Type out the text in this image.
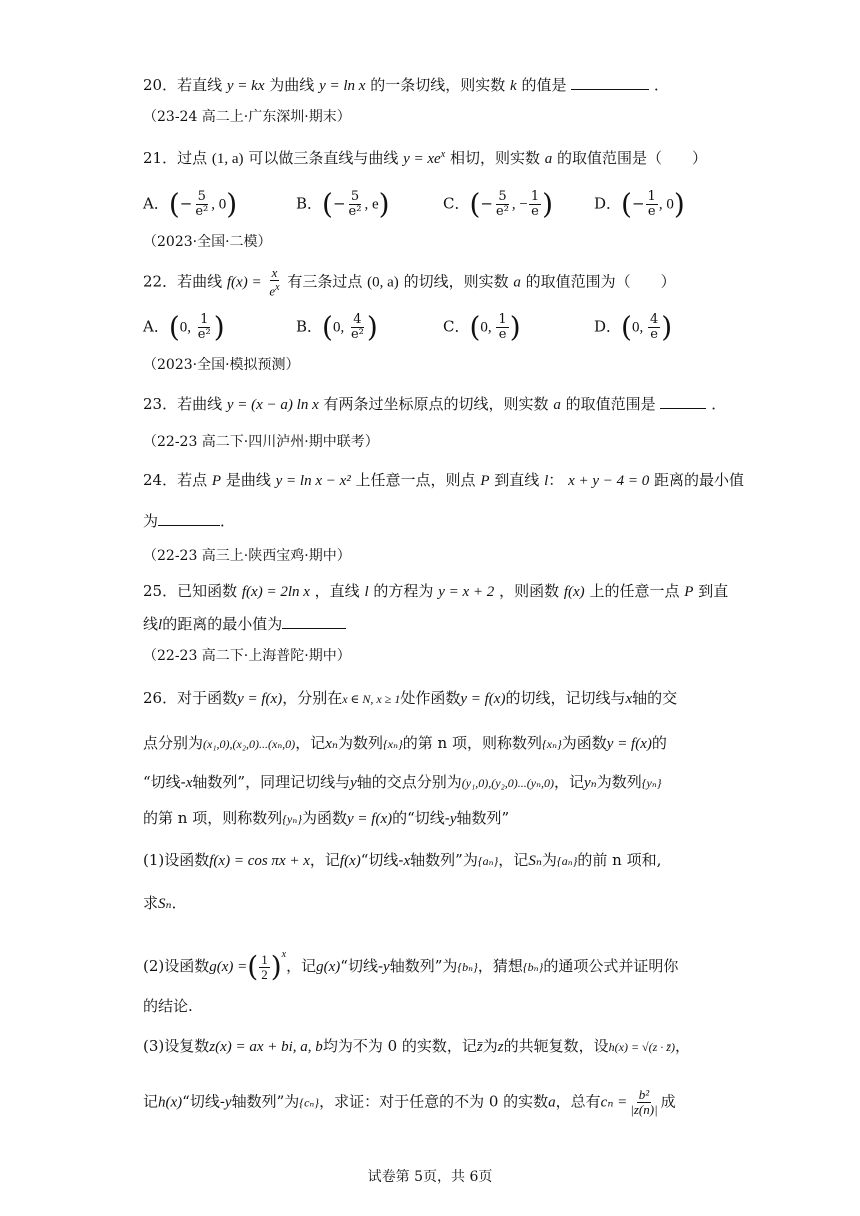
20．若直线 y = kx 为曲线 y = ln x 的一条切线，则实数 k 的值是	．
（23-24 高二上·广东深圳·期末）
21．过点 (1, a) 可以做三条直线与曲线 $y = xe^x$ 相切，则实数 a 的取值范围是（　　）
A．(− $\frac{5}{\text{e²}}$ , 0)	B．(− $\frac{5}{\text{e²}}$ , e)	C．(− $\frac{5}{\text{e²}}$ , − $\frac{1}{e}$ )	D．(− $\frac{1}{e}$ , 0)
（2023·全国·二模）
22．若曲线 $f(x) = \frac{x}{e^x}$ 有三条过点 (0, a) 的切线，则实数 a 的取值范围为（　　）
A．(0, $\frac{1}{\text{e²}}$ )	B．(0, $\frac{4}{\text{e²}}$ )	C．(0, $\frac{1}{e}$ )	D．(0, $\frac{4}{e}$ )
（2023·全国·模拟预测）
23．若曲线 y = (x − a) ln x 有两条过坐标原点的切线，则实数 a 的取值范围是	．
（22-23 高二下·四川泸州·期中联考）
24．若点 P 是曲线 y = ln x − x² 上任意一点，则点 P 到直线 l： x + y − 4 = 0 距离的最小值
为	．
（22-23 高三上·陕西宝鸡·期中）
25．已知函数 f(x) = 2ln x ，直线 l 的方程为 y = x + 2 ，则函数 f(x) 上的任意一点 P 到直
线l的距离的最小值为
（22-23 高二下·上海普陀·期中）
26．对于函数y = f(x)，分别在x ∈ N, x ≥ 1处作函数y = f(x)的切线，记切线与x轴的交
点分别为(x₁,0),(x₂,0)...(xₙ,0)，记xₙ为数列{xₙ}的第 n 项，则称数列{xₙ}为函数y = f(x)的
“切线-x轴数列”，同理记切线与y轴的交点分别为(y₁,0),(y₂,0)...(yₙ,0)，记yₙ为数列{yₙ}
的第 n 项，则称数列{yₙ}为函数y = f(x)的“切线-y轴数列”
(1)设函数f(x) = cos πx + x，记f(x)“切线-x轴数列”为{aₙ}，记Sₙ为{aₙ}的前 n 项和,
求Sₙ．
(2)设函数g(x) =( $\frac{1}{2} )^x$，记g(x)“切线-y轴数列”为{bₙ}，猜想{bₙ}的通项公式并证明你
的结论.
(3)设复数z(x) = ax + bi, a, b均为不为 0 的实数，记z̄为z的共轭复数，设h(x) = √(z · z̄)，
记h(x)“切线-y轴数列”为{cₙ}，求证：对于任意的不为 0 的实数a，总有$c_n = \frac{\text{b²}}{|z(n)|}$ 成
试卷第 5页，共 6页
